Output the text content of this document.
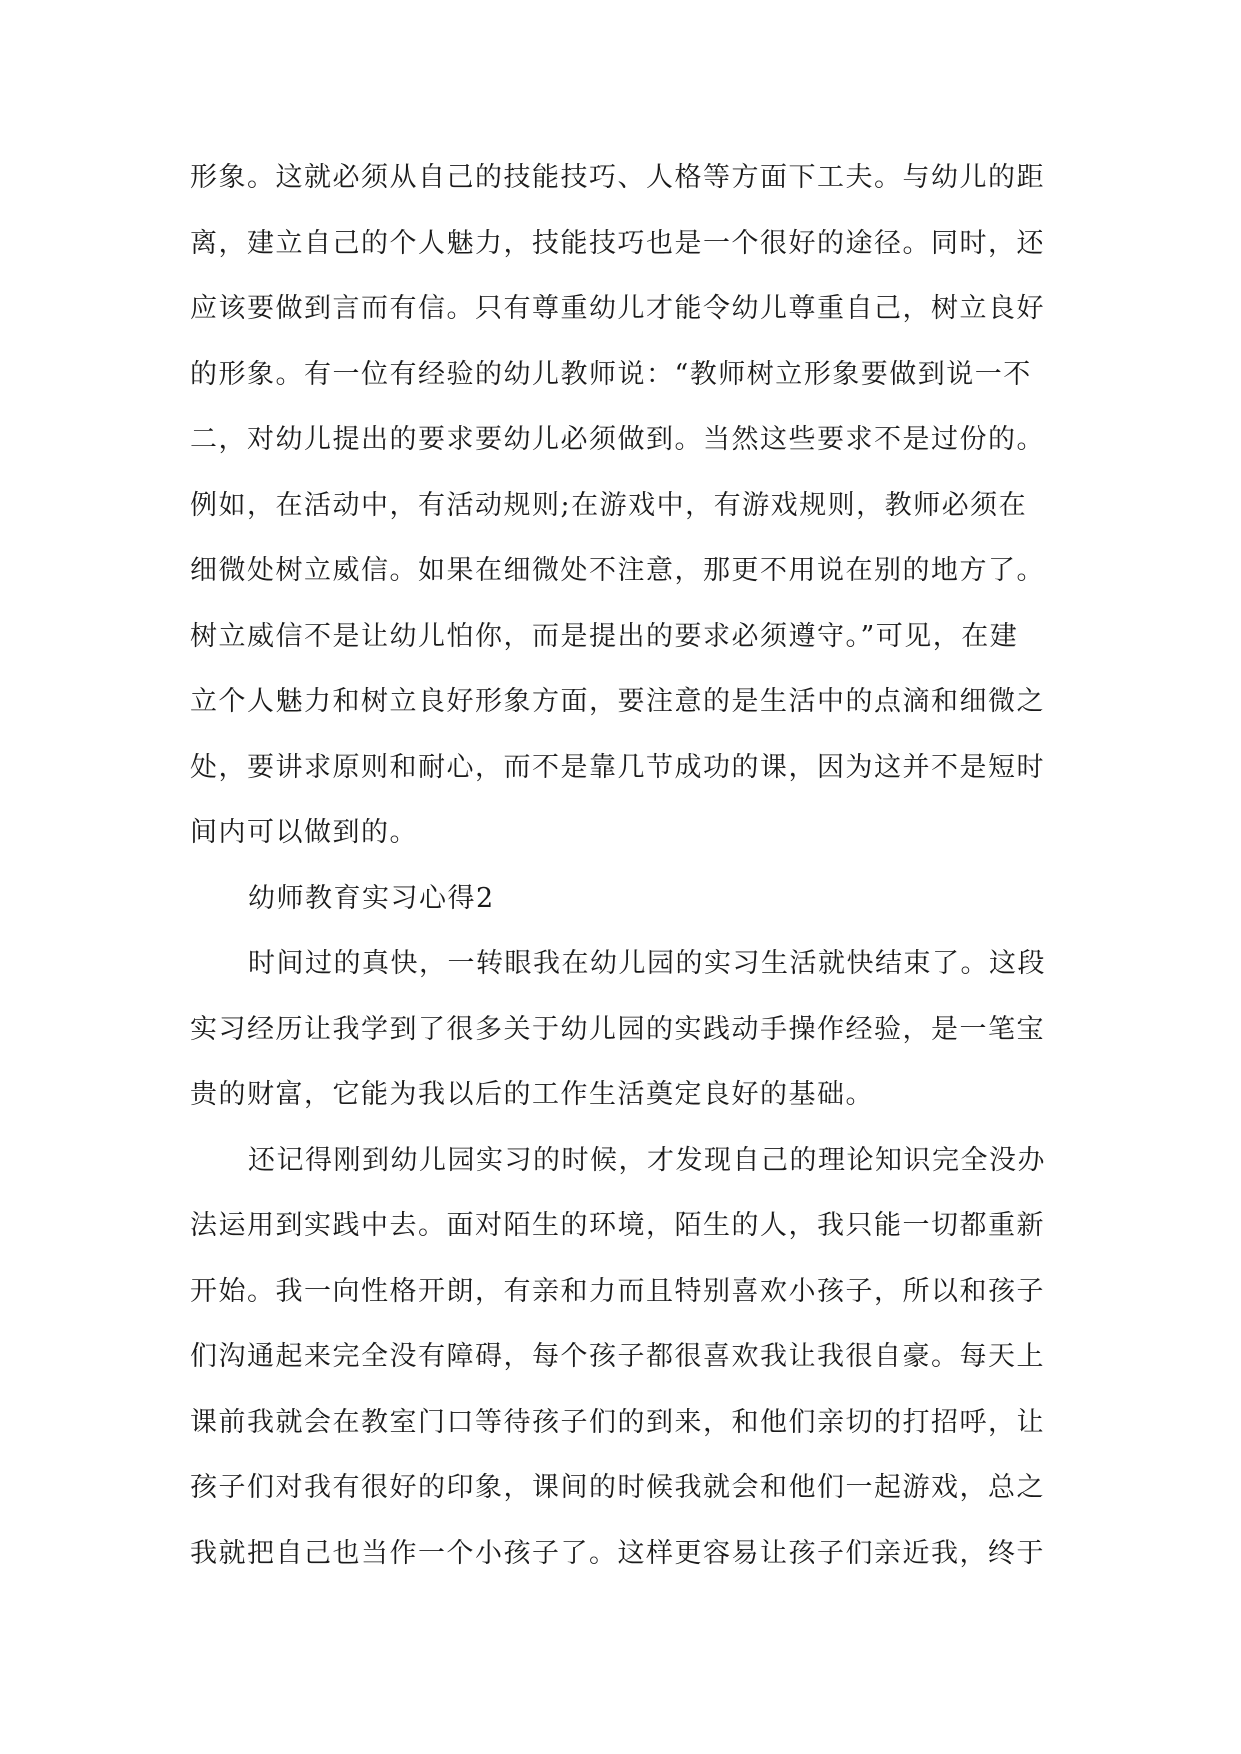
形象。这就必须从自己的技能技巧、人格等方面下工夫。与幼儿的距
离，建立自己的个人魅力，技能技巧也是一个很好的途径。同时，还
应该要做到言而有信。只有尊重幼儿才能令幼儿尊重自己，树立良好
的形象。有一位有经验的幼儿教师说：“教师树立形象要做到说一不
二，对幼儿提出的要求要幼儿必须做到。当然这些要求不是过份的。
例如，在活动中，有活动规则;在游戏中，有游戏规则，教师必须在
细微处树立威信。如果在细微处不注意，那更不用说在别的地方了。
树立威信不是让幼儿怕你，而是提出的要求必须遵守。”可见，在建
立个人魅力和树立良好形象方面，要注意的是生活中的点滴和细微之
处，要讲求原则和耐心，而不是靠几节成功的课，因为这并不是短时
间内可以做到的。
幼师教育实习心得2
时间过的真快，一转眼我在幼儿园的实习生活就快结束了。这段
实习经历让我学到了很多关于幼儿园的实践动手操作经验，是一笔宝
贵的财富，它能为我以后的工作生活奠定良好的基础。
还记得刚到幼儿园实习的时候，才发现自己的理论知识完全没办
法运用到实践中去。面对陌生的环境，陌生的人，我只能一切都重新
开始。我一向性格开朗，有亲和力而且特别喜欢小孩子，所以和孩子
们沟通起来完全没有障碍，每个孩子都很喜欢我让我很自豪。每天上
课前我就会在教室门口等待孩子们的到来，和他们亲切的打招呼，让
孩子们对我有很好的印象，课间的时候我就会和他们一起游戏，总之
我就把自己也当作一个小孩子了。这样更容易让孩子们亲近我，终于
